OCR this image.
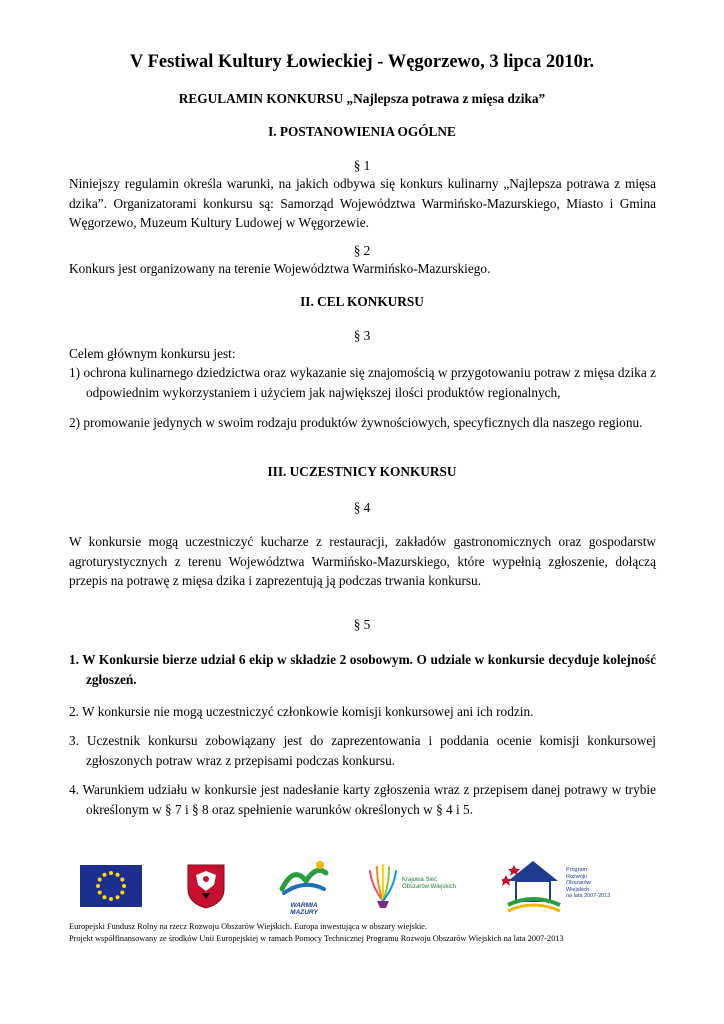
V Festiwal Kultury Łowieckiej - Węgorzewo, 3 lipca 2010r.

REGULAMIN KONKURSU „Najlepsza potrawa z mięsa dzika”

I. POSTANOWIENIA OGÓLNE

§ 1

Niniejszy regulamin określa warunki, na jakich odbywa się konkurs kulinarny „Najlepsza potrawa z mięsa dzika”. Organizatorami konkursu są: Samorząd Województwa Warmińsko-Mazurskiego, Miasto i Gmina Węgorzewo, Muzeum Kultury Ludowej w Węgorzewie.

§ 2

Konkurs jest organizowany na terenie Województwa Warmińsko-Mazurskiego.

II. CEL KONKURSU

§ 3

Celem głównym konkursu jest:

1) ochrona kulinarnego dziedzictwa oraz wykazanie się znajomością w przygotowaniu potraw z mięsa dzika z odpowiednim wykorzystaniem i użyciem jak największej ilości produktów regionalnych,

2) promowanie jedynych w swoim rodzaju produktów żywnościowych, specyficznych dla naszego regionu.

III. UCZESTNICY KONKURSU

§ 4

W konkursie mogą uczestniczyć kucharze z restauracji, zakładów gastronomicznych oraz gospodarstw agroturystycznych z terenu Województwa Warmińsko-Mazurskiego, które wypełnią zgłoszenie, dołączą przepis na potrawę z mięsa dzika i zaprezentują ją podczas trwania konkursu.

§ 5

1. W Konkursie bierze udział 6 ekip w składzie 2 osobowym. O udziale w konkursie decyduje kolejność zgłoszeń.

2. W konkursie nie mogą uczestniczyć członkowie komisji konkursowej ani ich rodzin.

3. Uczestnik konkursu zobowiązany jest do zaprezentowania i poddania ocenie komisji konkursowej zgłoszonych potraw wraz z przepisami podczas konkursu.

4. Warunkiem udziału w konkursie jest nadesłanie karty zgłoszenia wraz z przepisem danej potrawy w trybie określonym w § 7 i § 8 oraz spełnienie warunków określonych w § 4 i 5.

WARMIA MAZURY
Krajowa Sieć
Obszarów Wiejskich
Program
Rozwoju
Obszarów
Wiejskich
na lata 2007-2013
Europejski Fundusz Rolny na rzecz Rozwoju Obszarów Wiejskich. Europa inwestująca w obszary wiejskie.
Projekt współfinansowany ze środków Unii Europejskiej w ramach Pomocy Technicznej Programu Rozwoju Obszarów Wiejskich na lata 2007-2013
